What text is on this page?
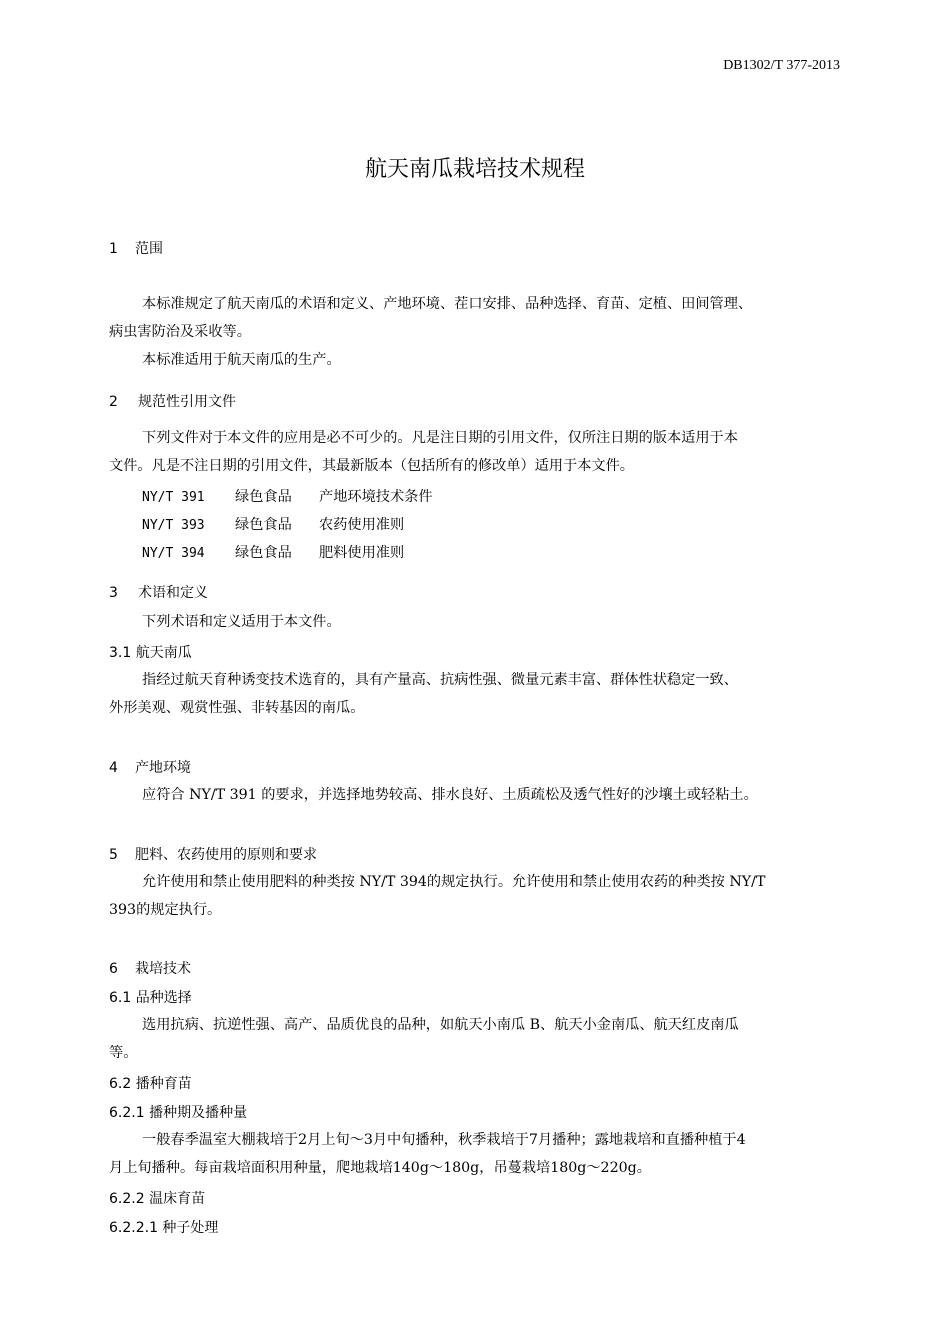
DB1302/T 377-2013
航天南瓜栽培技术规程
1 范围
本标准规定了航天南瓜的术语和定义、产地环境、茬口安排、品种选择、育苗、定植、田间管理、
病虫害防治及采收等。
本标准适用于航天南瓜的生产。
2 规范性引用文件
下列文件对于本文件的应用是必不可少的。凡是注日期的引用文件，仅所注日期的版本适用于本
文件。凡是不注日期的引用文件，其最新版本（包括所有的修改单）适用于本文件。
NY/T 391 绿色食品 产地环境技术条件
NY/T 393 绿色食品 农药使用准则
NY/T 394 绿色食品 肥料使用准则
3 术语和定义
下列术语和定义适用于本文件。
3.1 航天南瓜
指经过航天育种诱变技术选育的，具有产量高、抗病性强、微量元素丰富、群体性状稳定一致、
外形美观、观赏性强、非转基因的南瓜。
4 产地环境
应符合 NY/T 391 的要求，并选择地势较高、排水良好、土质疏松及透气性好的沙壤土或轻粘土。
5 肥料、农药使用的原则和要求
允许使用和禁止使用肥料的种类按 NY/T 394的规定执行。允许使用和禁止使用农药的种类按 NY/T
393的规定执行。
6 栽培技术
6.1 品种选择
选用抗病、抗逆性强、高产、品质优良的品种，如航天小南瓜 B、航天小金南瓜、航天红皮南瓜
等。
6.2 播种育苗
6.2.1 播种期及播种量
一般春季温室大棚栽培于2月上旬～3月中旬播种，秋季栽培于7月播种；露地栽培和直播种植于4
月上旬播种。每亩栽培面积用种量，爬地栽培140g～180g，吊蔓栽培180g～220g。
6.2.2 温床育苗
6.2.2.1 种子处理
